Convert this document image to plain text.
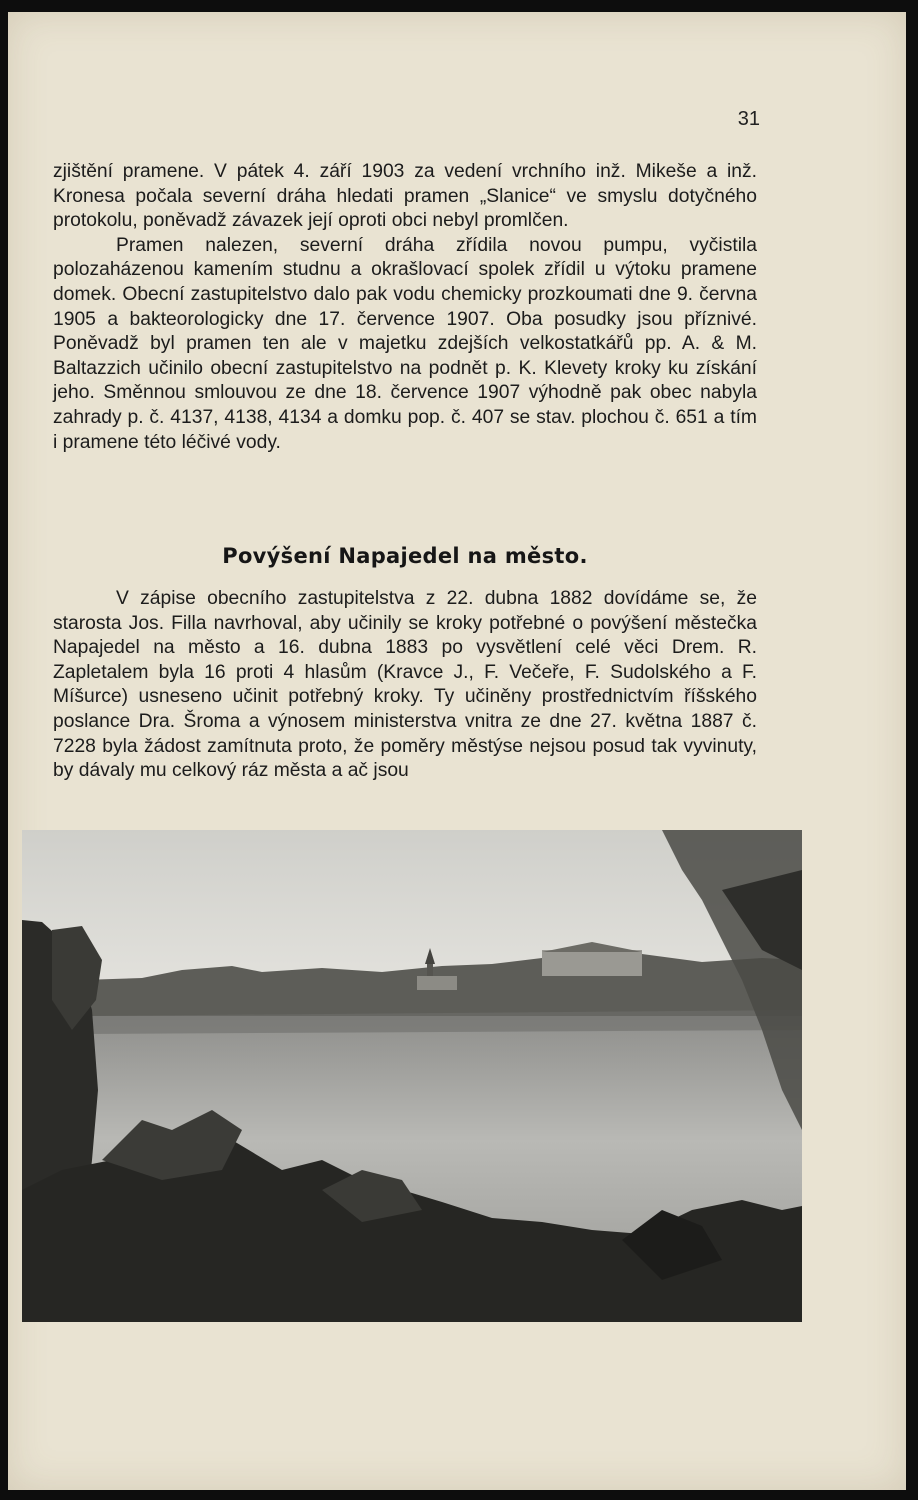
31

zjištění pramene. V pátek 4. září 1903 za vedení vrchního inž. Mikeše a inž. Kronesa počala severní dráha hledati pramen „Slanice“ ve smyslu dotyčného protokolu, poněvadž závazek její oproti obci nebyl promlčen.

Pramen nalezen, severní dráha zřídila novou pumpu, vyčistila polozaházenou kamením studnu a okrašlovací spolek zřídil u výtoku pramene domek. Obecní zastupitelstvo dalo pak vodu chemicky prozkoumati dne 9. června 1905 a bakteorologicky dne 17. července 1907. Oba posudky jsou příznivé. Poněvadž byl pramen ten ale v majetku zdejších velkostatkářů pp. A. & M. Baltazzich učinilo obecní zastupitelstvo na podnět p. K. Klevety kroky ku získání jeho. Směnnou smlouvou ze dne 18. července 1907 výhodně pak obec nabyla zahrady p. č. 4137, 4138, 4134 a domku pop. č. 407 se stav. plochou č. 651 a tím i pramene této léčivé vody.

Povýšení Napajedel na město.

V zápise obecního zastupitelstva z 22. dubna 1882 dovídáme se, že starosta Jos. Filla navrhoval, aby učinily se kroky potřebné o povýšení městečka Napajedel na město a 16. dubna 1883 po vysvětlení celé věci Drem. R. Zapletalem byla 16 proti 4 hlasům (Kravce J., F. Večeře, F. Sudolského a F. Míšurce) usneseno učinit potřebný kroky. Ty učiněny prostřednictvím říšského poslance Dra. Šroma a výnosem ministerstva vnitra ze dne 27. května 1887 č. 7228 byla žádost zamítnuta proto, že poměry městýse nejsou posud tak vyvinuty, by dávaly mu celkový ráz města a ač jsou
